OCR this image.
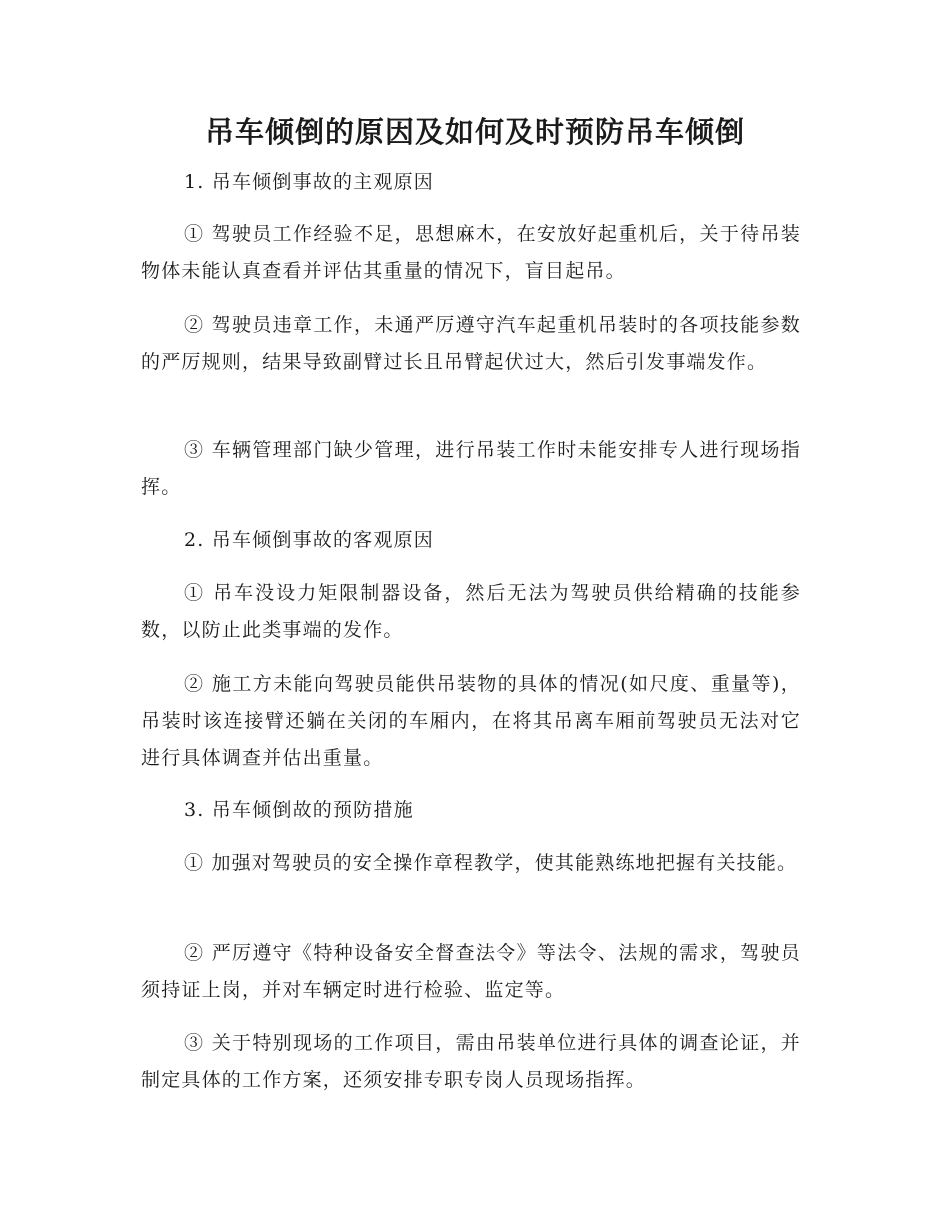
吊车倾倒的原因及如何及时预防吊车倾倒

1. 吊车倾倒事故的主观原因

① 驾驶员工作经验不足，思想麻木，在安放好起重机后，关于待吊装物体未能认真查看并评估其重量的情况下，盲目起吊。

② 驾驶员违章工作，未通严厉遵守汽车起重机吊装时的各项技能参数的严厉规则，结果导致副臂过长且吊臂起伏过大，然后引发事端发作。

③ 车辆管理部门缺少管理，进行吊装工作时未能安排专人进行现场指挥。

2. 吊车倾倒事故的客观原因

① 吊车没设力矩限制器设备，然后无法为驾驶员供给精确的技能参数，以防止此类事端的发作。

② 施工方未能向驾驶员能供吊装物的具体的情况(如尺度、重量等)，吊装时该连接臂还躺在关闭的车厢内，在将其吊离车厢前驾驶员无法对它进行具体调查并估出重量。

3. 吊车倾倒故的预防措施

① 加强对驾驶员的安全操作章程教学，使其能熟练地把握有关技能。

② 严厉遵守《特种设备安全督查法令》等法令、法规的需求，驾驶员须持证上岗，并对车辆定时进行检验、监定等。

③ 关于特别现场的工作项目，需由吊装单位进行具体的调查论证，并制定具体的工作方案，还须安排专职专岗人员现场指挥。
